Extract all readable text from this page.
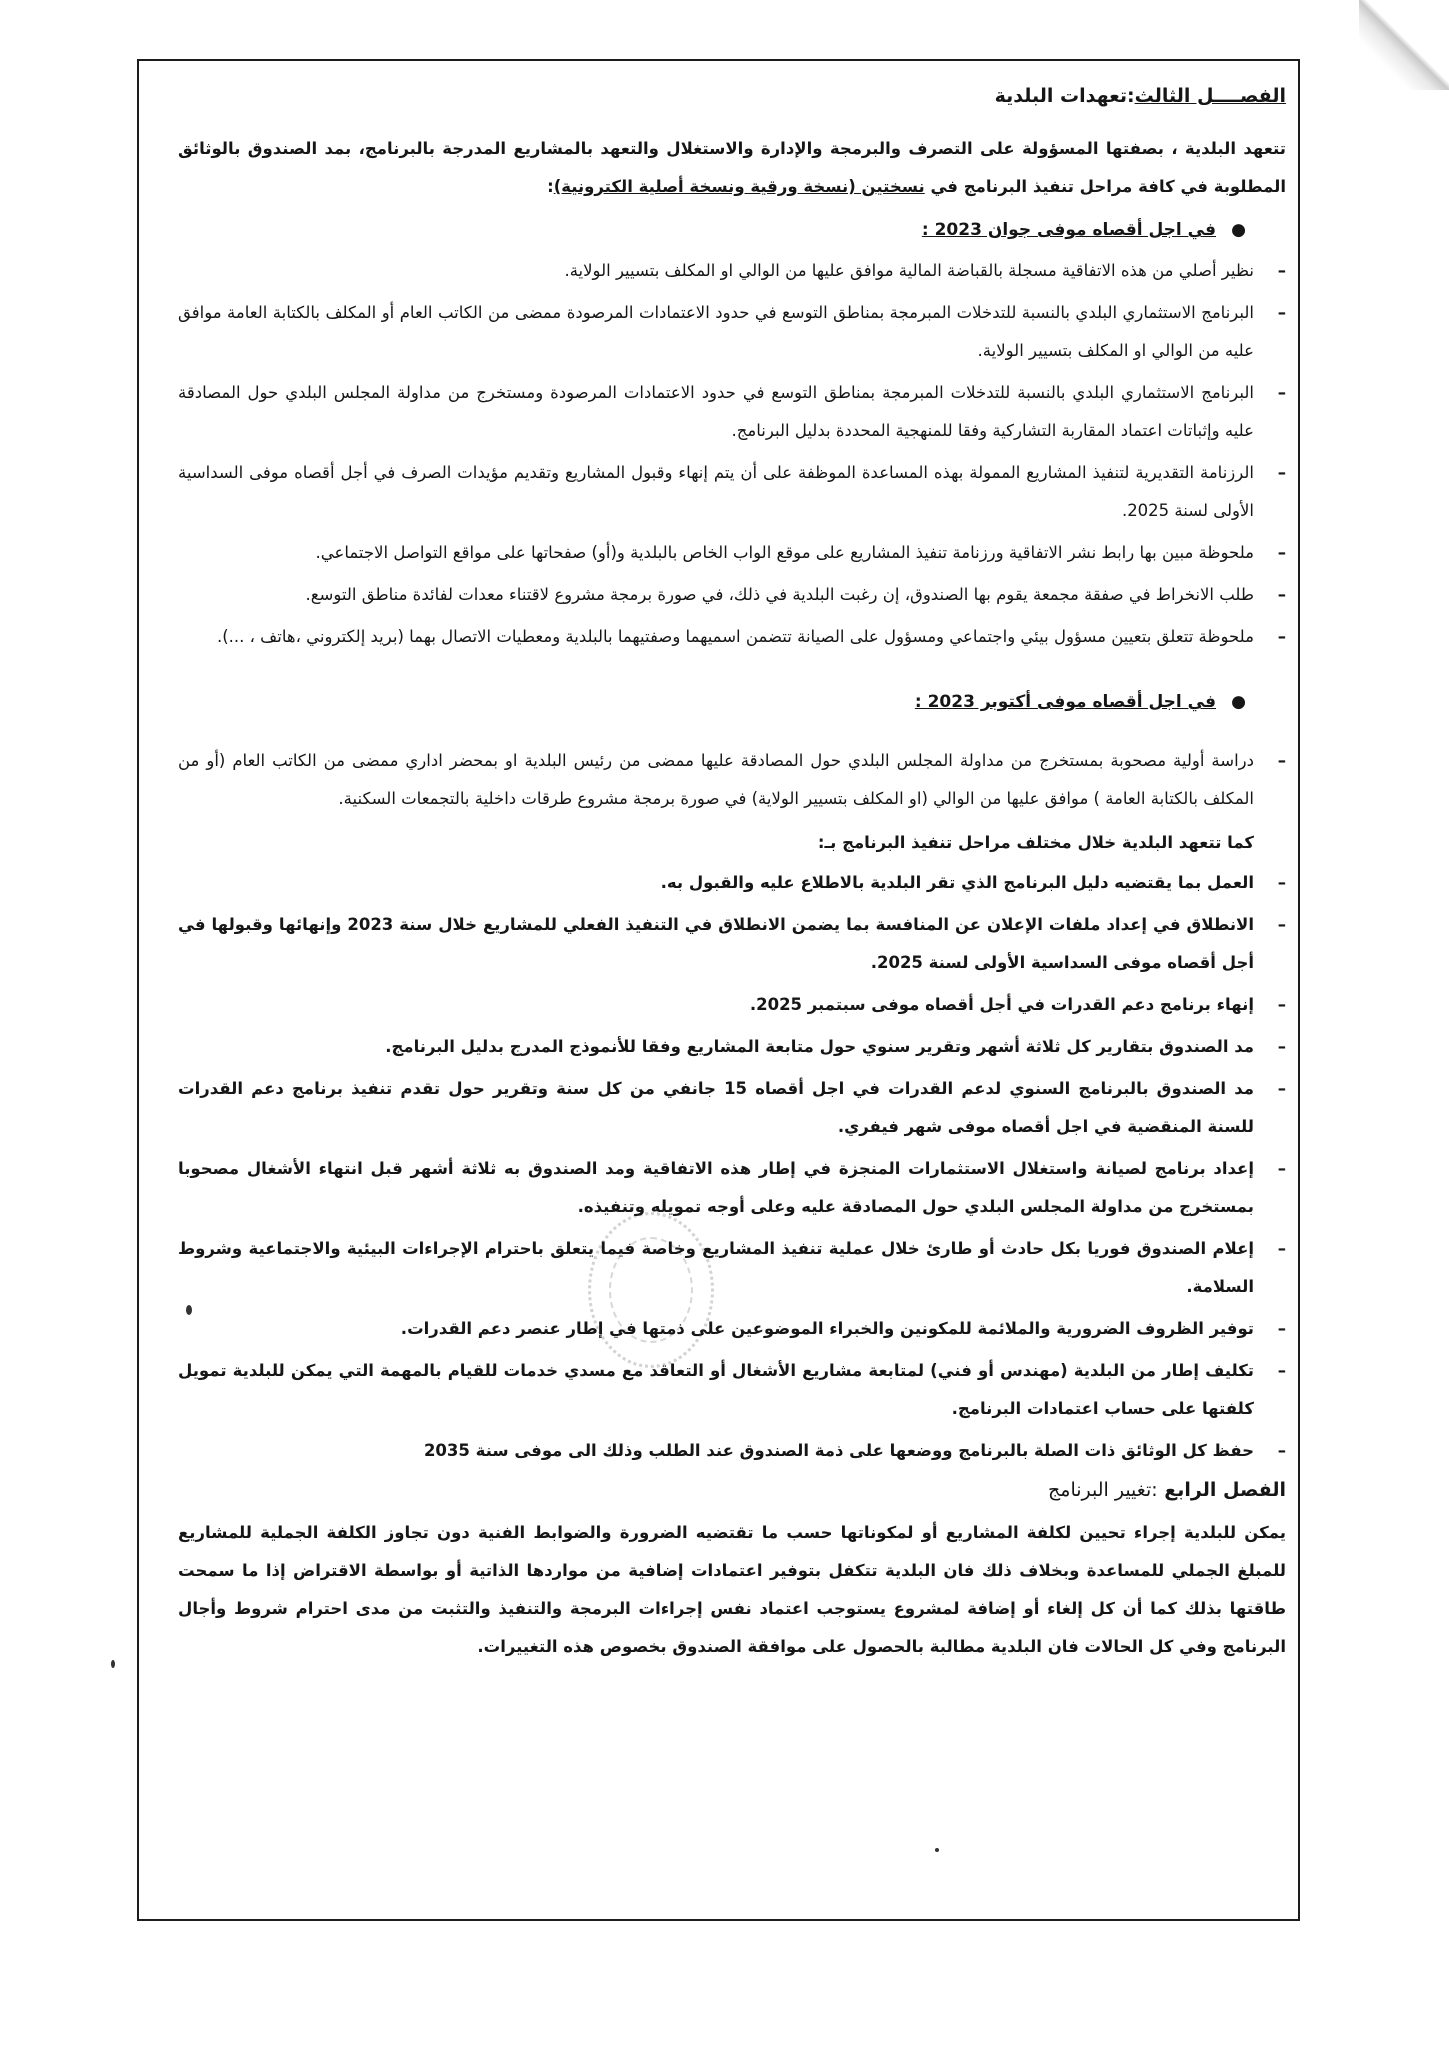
الفصــــل الثالث:تعهدات البلدية

تتعهد البلدية ، بصفتها المسؤولة على التصرف والبرمجة والإدارة والاستغلال والتعهد بالمشاريع المدرجة بالبرنامج، بمد الصندوق بالوثائق المطلوبة في كافة مراحل تنفيذ البرنامج في نسختين (نسخة ورقية ونسخة أصلية الكترونية):

●
في اجل أقصاه موفى جوان 2023 :
–
نظير أصلي من هذه الاتفاقية مسجلة بالقباضة المالية موافق عليها من الوالي او المكلف بتسيير الولاية.
–
البرنامج الاستثماري البلدي بالنسبة للتدخلات المبرمجة بمناطق التوسع في حدود الاعتمادات المرصودة ممضى من الكاتب العام أو المكلف بالكتابة العامة موافق عليه من الوالي او المكلف بتسيير الولاية.
–
البرنامج الاستثماري البلدي بالنسبة للتدخلات المبرمجة بمناطق التوسع في حدود الاعتمادات المرصودة ومستخرج من مداولة المجلس البلدي حول المصادقة عليه وإثباتات اعتماد المقاربة التشاركية وفقا للمنهجية المحددة بدليل البرنامج.
–
الرزنامة التقديرية لتنفيذ المشاريع الممولة بهذه المساعدة الموظفة على أن يتم إنهاء وقبول المشاريع وتقديم مؤيدات الصرف في أجل أقصاه موفى السداسية الأولى لسنة 2025.
–
ملحوظة مبين بها رابط نشر الاتفاقية ورزنامة تنفيذ المشاريع على موقع الواب الخاص بالبلدية و(أو) صفحاتها على مواقع التواصل الاجتماعي.
–
طلب الانخراط في صفقة مجمعة يقوم بها الصندوق، إن رغبت البلدية في ذلك، في صورة برمجة مشروع لاقتناء معدات لفائدة مناطق التوسع.
–
ملحوظة تتعلق بتعيين مسؤول بيئي واجتماعي ومسؤول على الصيانة تتضمن اسميهما وصفتيهما بالبلدية ومعطيات الاتصال بهما (بريد إلكتروني ،هاتف ، ...).
●
في اجل أقصاه موفى أكتوبر 2023 :
–
دراسة أولية مصحوبة بمستخرج من مداولة المجلس البلدي حول المصادقة عليها ممضى من رئيس البلدية او بمحضر اداري ممضى من الكاتب العام (أو من المكلف بالكتابة العامة ) موافق عليها من الوالي (او المكلف بتسيير الولاية) في صورة برمجة مشروع طرقات داخلية بالتجمعات السكنية.
كما تتعهد البلدية خلال مختلف مراحل تنفيذ البرنامج بـ:
–
العمل بما يقتضيه دليل البرنامج الذي تقر البلدية بالاطلاع عليه والقبول به.
–
الانطلاق في إعداد ملفات الإعلان عن المنافسة بما يضمن الانطلاق في التنفيذ الفعلي للمشاريع خلال سنة 2023 وإنهائها وقبولها في أجل أقصاه موفى السداسية الأولى لسنة 2025.
–
إنهاء برنامج دعم القدرات في أجل أقصاه موفى سبتمبر 2025.
–
مد الصندوق بتقارير كل ثلاثة أشهر وتقرير سنوي حول متابعة المشاريع وفقا للأنموذج المدرج بدليل البرنامج.
–
مد الصندوق بالبرنامج السنوي لدعم القدرات في اجل أقصاه 15 جانفي من كل سنة وتقرير حول تقدم تنفيذ برنامج دعم القدرات للسنة المنقضية في اجل أقصاه موفى شهر فيفري.
–
إعداد برنامج لصيانة واستغلال الاستثمارات المنجزة في إطار هذه الاتفاقية ومد الصندوق به ثلاثة أشهر قبل انتهاء الأشغال مصحوبا بمستخرج من مداولة المجلس البلدي حول المصادقة عليه وعلى أوجه تمويله وتنفيذه.
–
إعلام الصندوق فوريا بكل حادث أو طارئ خلال عملية تنفيذ المشاريع وخاصة فيما يتعلق باحترام الإجراءات البيئية والاجتماعية وشروط السلامة.
–
توفير الظروف الضرورية والملائمة للمكونين والخبراء الموضوعين على ذمتها في إطار عنصر دعم القدرات.
–
تكليف إطار من البلدية (مهندس أو فني) لمتابعة مشاريع الأشغال أو التعاقد مع مسدي خدمات للقيام بالمهمة التي يمكن للبلدية تمويل كلفتها على حساب اعتمادات البرنامج.
–
حفظ كل الوثائق ذات الصلة بالبرنامج ووضعها على ذمة الصندوق عند الطلب وذلك الى موفى سنة 2035
الفصل الرابع :تغيير البرنامج

يمكن للبلدية إجراء تحيين لكلفة المشاريع أو لمكوناتها حسب ما تقتضيه الضرورة والضوابط الفنية دون تجاوز الكلفة الجملية للمشاريع للمبلغ الجملي للمساعدة وبخلاف ذلك فان البلدية تتكفل بتوفير اعتمادات إضافية من مواردها الذاتية أو بواسطة الاقتراض إذا ما سمحت طاقتها بذلك كما أن كل إلغاء أو إضافة لمشروع يستوجب اعتماد نفس إجراءات البرمجة والتنفيذ والتثبت من مدى احترام شروط وأجال البرنامج وفي كل الحالات فان البلدية مطالبة بالحصول على موافقة الصندوق بخصوص هذه التغييرات.
